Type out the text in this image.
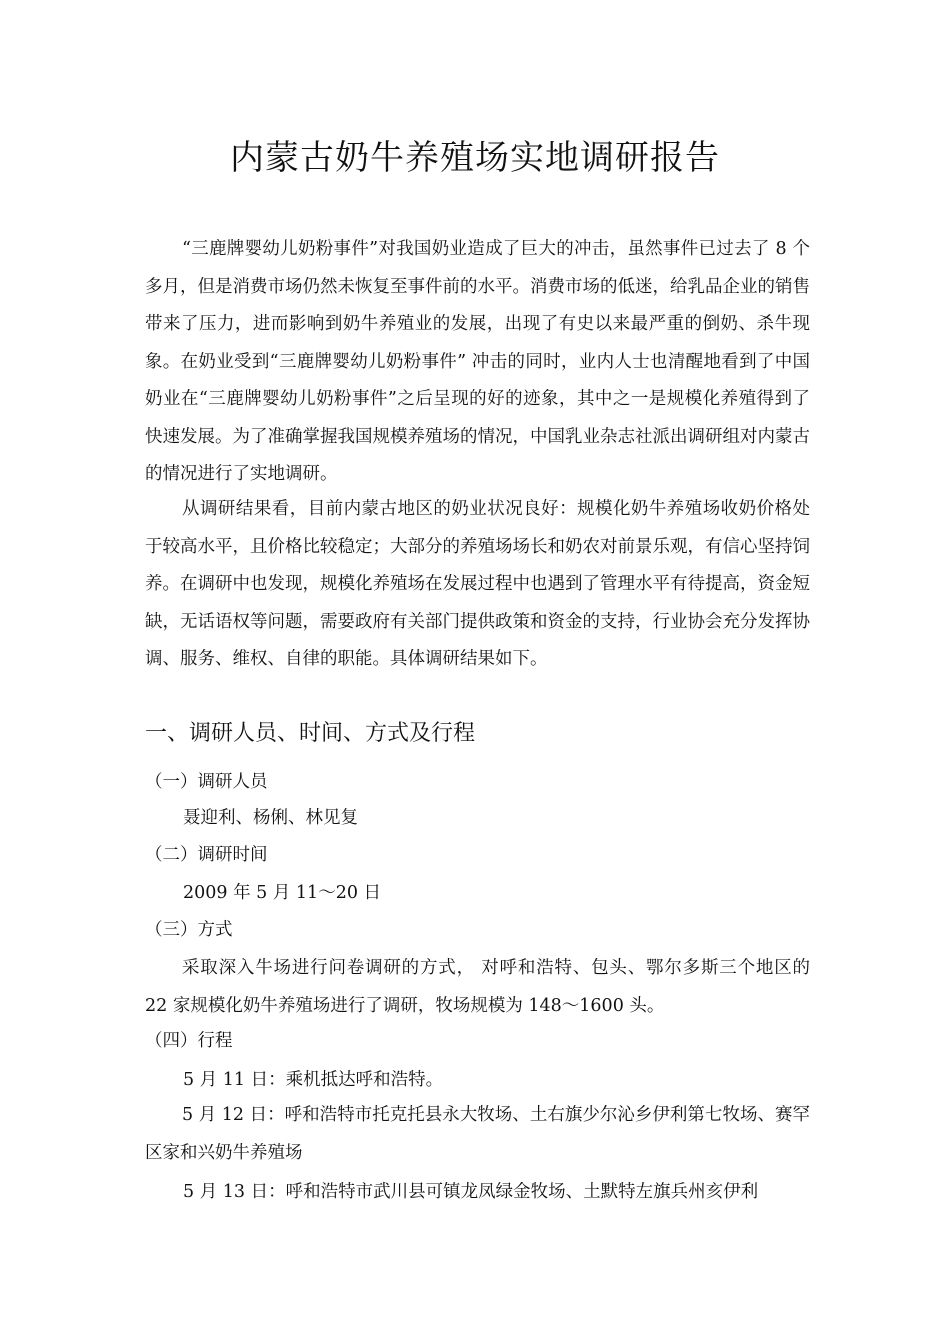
内蒙古奶牛养殖场实地调研报告

“三鹿牌婴幼儿奶粉事件”对我国奶业造成了巨大的冲击，虽然事件已过去了 8 个多月，但是消费市场仍然未恢复至事件前的水平。消费市场的低迷，给乳品企业的销售带来了压力，进而影响到奶牛养殖业的发展，出现了有史以来最严重的倒奶、杀牛现象。在奶业受到“三鹿牌婴幼儿奶粉事件” 冲击的同时，业内人士也清醒地看到了中国奶业在“三鹿牌婴幼儿奶粉事件”之后呈现的好的迹象，其中之一是规模化养殖得到了快速发展。为了准确掌握我国规模养殖场的情况，中国乳业杂志社派出调研组对内蒙古的情况进行了实地调研。

从调研结果看，目前内蒙古地区的奶业状况良好：规模化奶牛养殖场收奶价格处于较高水平，且价格比较稳定；大部分的养殖场场长和奶农对前景乐观，有信心坚持饲养。在调研中也发现，规模化养殖场在发展过程中也遇到了管理水平有待提高，资金短缺，无话语权等问题，需要政府有关部门提供政策和资金的支持，行业协会充分发挥协调、服务、维权、自律的职能。具体调研结果如下。

一、调研人员、时间、方式及行程

（一）调研人员

聂迎利、杨俐、林见复

（二）调研时间

2009 年 5 月 11～20 日

（三）方式

采取深入牛场进行问卷调研的方式， 对呼和浩特、包头、鄂尔多斯三个地区的 22 家规模化奶牛养殖场进行了调研，牧场规模为 148～1600 头。

（四）行程

5 月 11 日：乘机抵达呼和浩特。

5 月 12 日：呼和浩特市托克托县永大牧场、土右旗少尔沁乡伊利第七牧场、赛罕区家和兴奶牛养殖场

5 月 13 日：呼和浩特市武川县可镇龙凤绿金牧场、土默特左旗兵州亥伊利
